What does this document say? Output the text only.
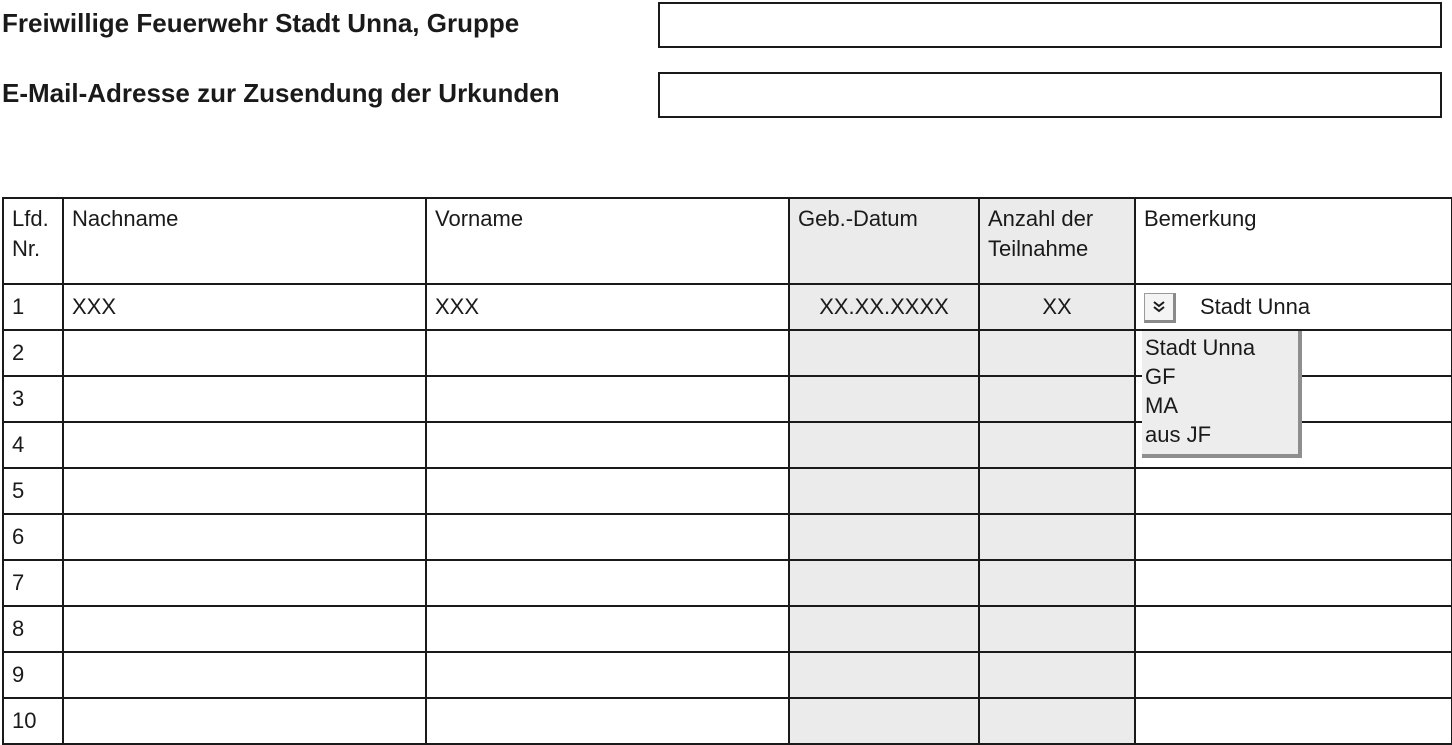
Freiwillige Feuerwehr Stadt Unna, Gruppe
E-Mail-Adresse zur Zusendung der Urkunden
Lfd. Nr.	Nachname	Vorname	Geb.-Datum	Anzahl der Teilnahme	Bemerkung
1	XXX	XXX	XX.XX.XXXX	XX	Stadt Unna

2					
3					
4					
5					
6					
7					
8					
9					
10					
Stadt Unna
GF
MA
aus JF
